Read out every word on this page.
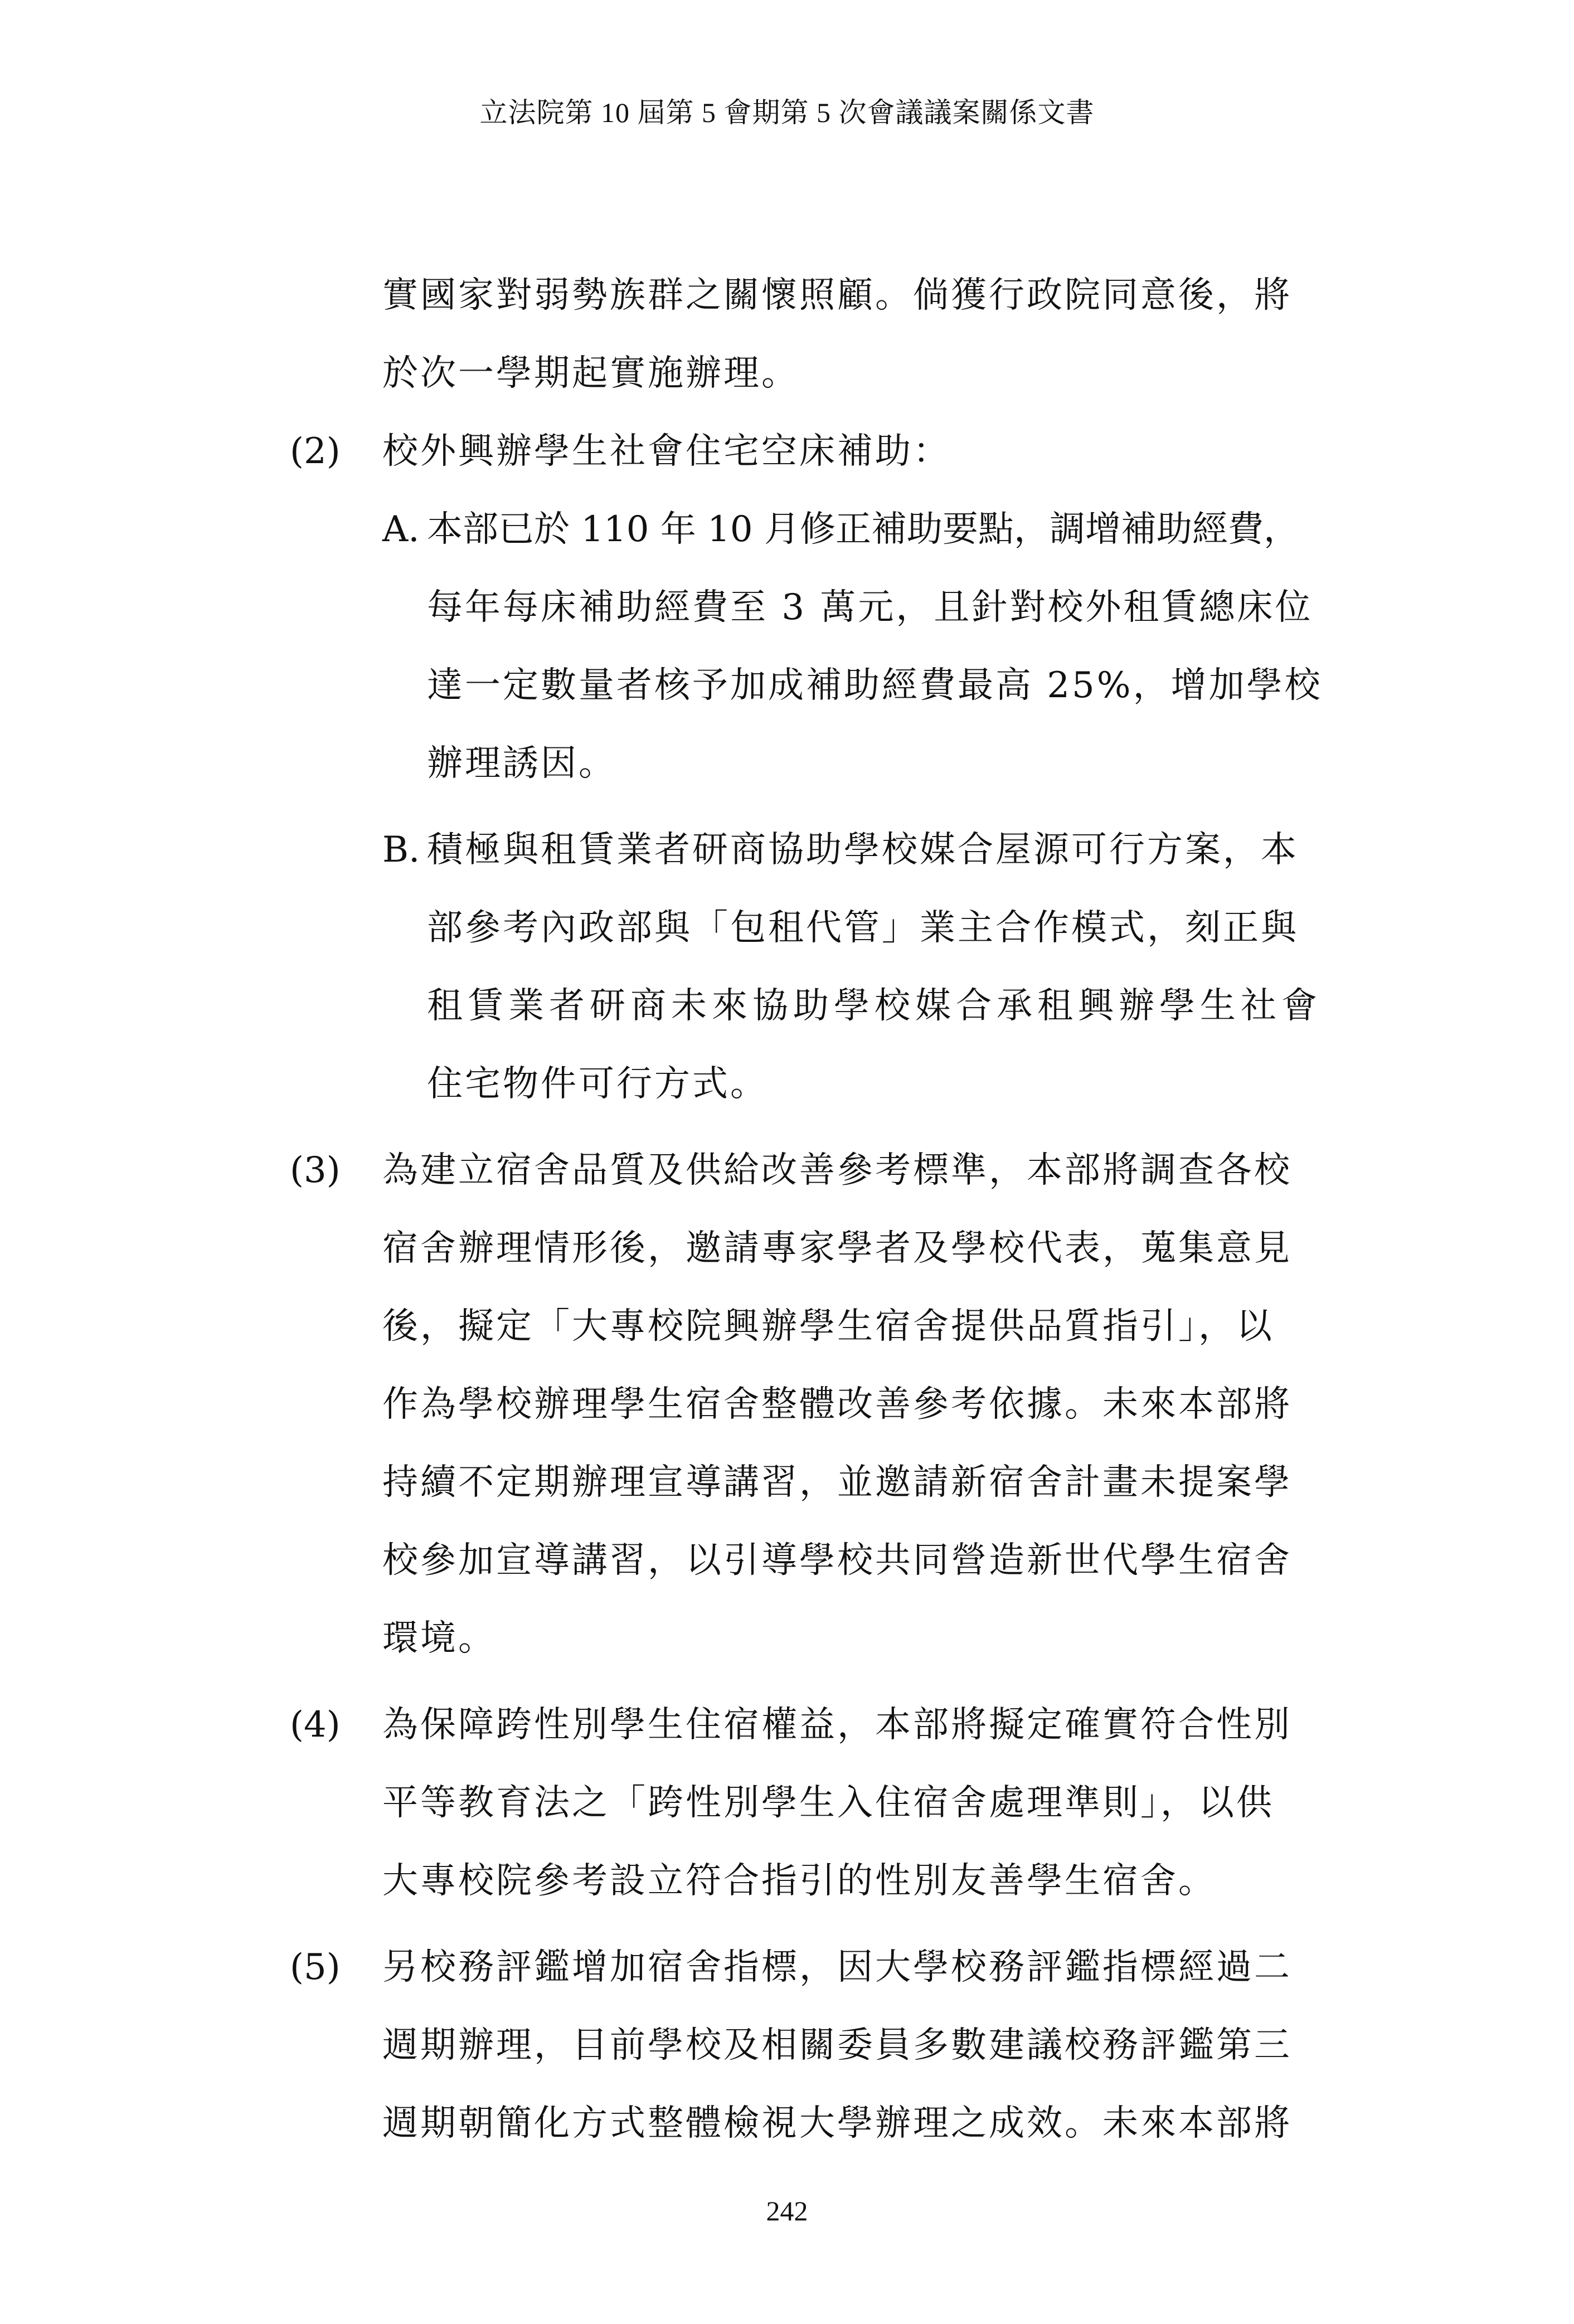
立法院第 10 屆第 5 會期第 5 次會議議案關係文書
實國家對弱勢族群之關懷照顧。倘獲行政院同意後，將
於次一學期起實施辦理。
(2) 校外興辦學生社會住宅空床補助：
A. 本部已於 110 年 10 月修正補助要點，調增補助經費，
每年每床補助經費至 3 萬元，且針對校外租賃總床位
達一定數量者核予加成補助經費最高 25%，增加學校
辦理誘因。
B. 積極與租賃業者研商協助學校媒合屋源可行方案，本
部參考內政部與「包租代管」業主合作模式，刻正與
租賃業者研商未來協助學校媒合承租興辦學生社會
住宅物件可行方式。
(3) 為建立宿舍品質及供給改善參考標準，本部將調查各校
宿舍辦理情形後，邀請專家學者及學校代表，蒐集意見
後，擬定「大專校院興辦學生宿舍提供品質指引」，以
作為學校辦理學生宿舍整體改善參考依據。未來本部將
持續不定期辦理宣導講習，並邀請新宿舍計畫未提案學
校參加宣導講習，以引導學校共同營造新世代學生宿舍
環境。
(4) 為保障跨性別學生住宿權益，本部將擬定確實符合性別
平等教育法之「跨性別學生入住宿舍處理準則」，以供
大專校院參考設立符合指引的性別友善學生宿舍。
(5) 另校務評鑑增加宿舍指標，因大學校務評鑑指標經過二
週期辦理，目前學校及相關委員多數建議校務評鑑第三
週期朝簡化方式整體檢視大學辦理之成效。未來本部將
242
